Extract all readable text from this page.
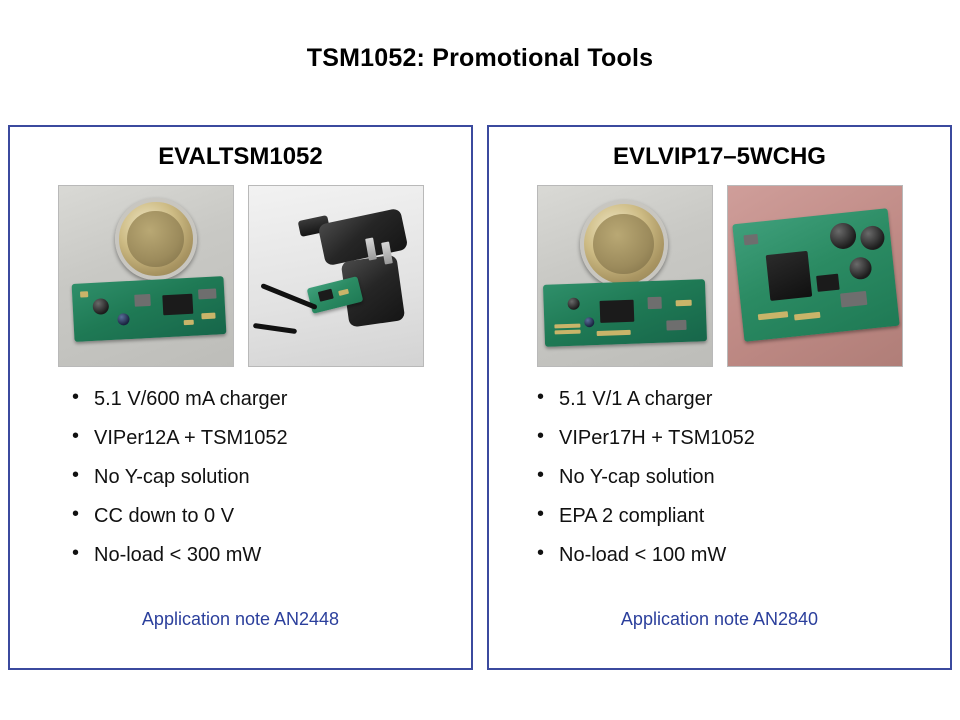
TSM1052: Promotional Tools
EVALTSM1052
• 5.1 V/600 mA charger
• VIPer12A + TSM1052
• No Y-cap solution
• CC down to 0 V
• No-load < 300 mW
Application note AN2448
EVLVIP17–5WCHG
• 5.1 V/1 A charger
• VIPer17H + TSM1052
• No Y-cap solution
• EPA 2 compliant
• No-load < 100 mW
Application note AN2840
